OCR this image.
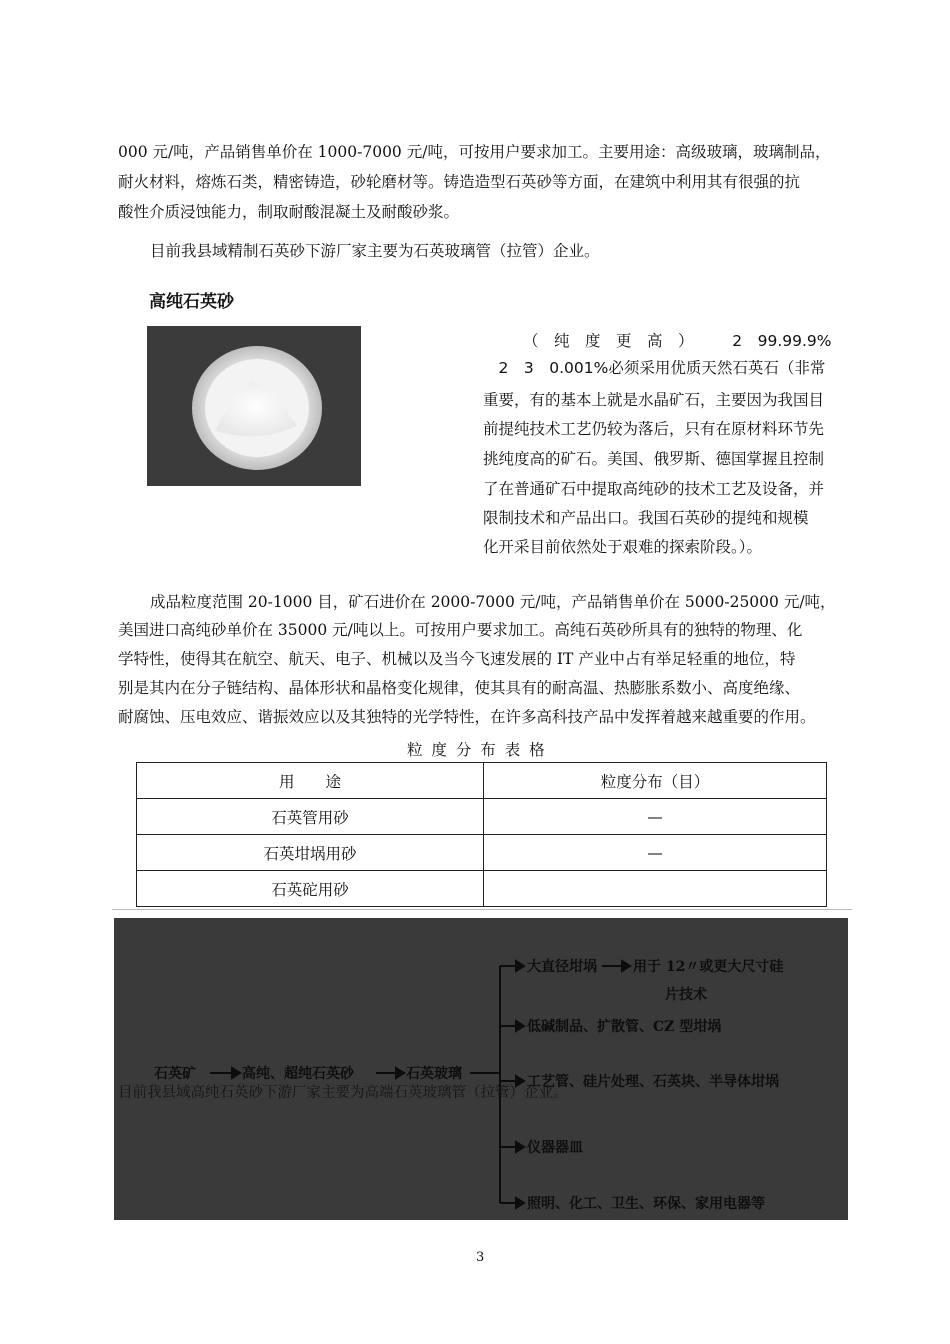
000 元/吨，产品销售单价在 1000-7000 元/吨，可按用户要求加工。主要用途：高级玻璃，玻璃制品，
耐火材料，熔炼石类，精密铸造，砂轮磨材等。铸造造型石英砂等方面，在建筑中利用其有很强的抗
酸性介质浸蚀能力，制取耐酸混凝土及耐酸砂浆。
目前我县域精制石英砂下游厂家主要为石英玻璃管（拉管）企业。
高纯石英砂
（　纯　度　更　高　）　　　2　99.99.9%
　2　3　0.001%必须采用优质天然石英石（非常
重要，有的基本上就是水晶矿石，主要因为我国目
前提纯技术工艺仍较为落后，只有在原材料环节先
挑纯度高的矿石。美国、俄罗斯、德国掌握且控制
了在普通矿石中提取高纯砂的技术工艺及设备，并
限制技术和产品出口。我国石英砂的提纯和规模
化开采目前依然处于艰难的探索阶段。）。
成品粒度范围 20-1000 目，矿石进价在 2000-7000 元/吨，产品销售单价在 5000-25000 元/吨，
美国进口高纯砂单价在 35000 元/吨以上。可按用户要求加工。高纯石英砂所具有的独特的物理、化
学特性，使得其在航空、航天、电子、机械以及当今飞速发展的 IT 产业中占有举足轻重的地位，特
别是其内在分子链结构、晶体形状和晶格变化规律，使其具有的耐高温、热膨胀系数小、高度绝缘、
耐腐蚀、压电效应、谐振效应以及其独特的光学特性，在许多高科技产品中发挥着越来越重要的作用。
粒 度 分 布 表 格
用　　途	粒度分布（目）
石英管用砂	—
石英坩埚用砂	—
石英砣用砂	
石英矿	高纯、超纯石英砂	石英玻璃
大直径坩埚	用于 12〃或更大尺寸硅
片技术
低碱制品、扩散管、CZ 型坩埚
工艺管、硅片处理、石英块、半导体坩埚
仪器器皿
照明、化工、卫生、环保、家用电器等
目前我县域高纯石英砂下游厂家主要为高端石英玻璃管（拉管）企业。
3
